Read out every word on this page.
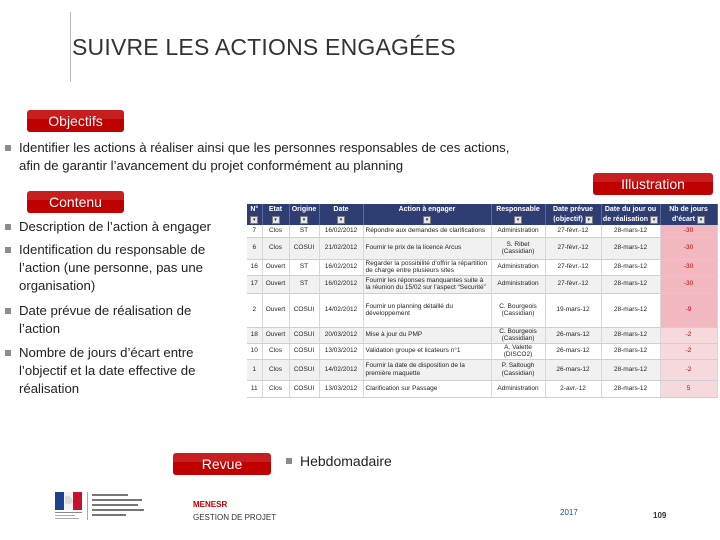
SUIVRE LES ACTIONS ENGAGÉES
Objectifs
Identifier les actions à réaliser ainsi que les personnes responsables de ces actions,
afin de garantir l’avancement du projet conformément au planning
Illustration
Contenu
Description de l’action à engager
Identification du responsable de
l’action (une personne, pas une
organisation)
Date prévue de réalisation de
l’action
Nombre de jours d’écart entre
l’objectif et la date effective de
réalisation
N°	Etat	Origine	Date	Action à engager	Responsable	Date prévue	Date du jour ou	Nb de jours
▾	▾	▾	▾	▾	▾	(objectif) ▾	de réalisation ▾	d’écart ▾
7	Clos	ST	16/02/2012	Répondre aux demandes de clarifications	Administration	27-févr.-12	28-mars-12	-30
6	Clos	COSUI	21/02/2012	Fournir le prix de la licence Arcus	S. Ribet (Cassidian)	27-févr.-12	28-mars-12	-30
16	Ouvert	ST	16/02/2012	Regarder la possibilité d’offrir la répartition de charge entre plusieurs sites	Administration	27-févr.-12	28-mars-12	-30
17	Ouvert	ST	16/02/2012	Fournir les réponses manquantes suite à la réunion du 15/02 sur l’aspect “Securité”	Administration	27-févr.-12	28-mars-12	-30
2	Ouvert	COSUI	14/02/2012	Fournir un planning détaillé du développement	C. Bourgeois (Cassidian)	19-mars-12	28-mars-12	-9
18	Ouvert	COSUI	20/03/2012	Mise à jour du PMP	C. Bourgeois (Cassidian)	26-mars-12	28-mars-12	-2
10	Clos	COSUI	13/03/2012	Validation groupe et licateurs n°1	A. Valette (DISCO2)	26-mars-12	28-mars-12	-2
1	Clos	COSUI	14/02/2012	Fournir la date de disposition de la première maquette	P. Saltough (Cassidian)	26-mars-12	28-mars-12	-2
11	Clos	COSUI	13/03/2012	Clarification sur Passage	Administration	2-avr.-12	28-mars-12	5
Revue	Hebdomadaire
MENESR
GESTION DE PROJET
2017	109
